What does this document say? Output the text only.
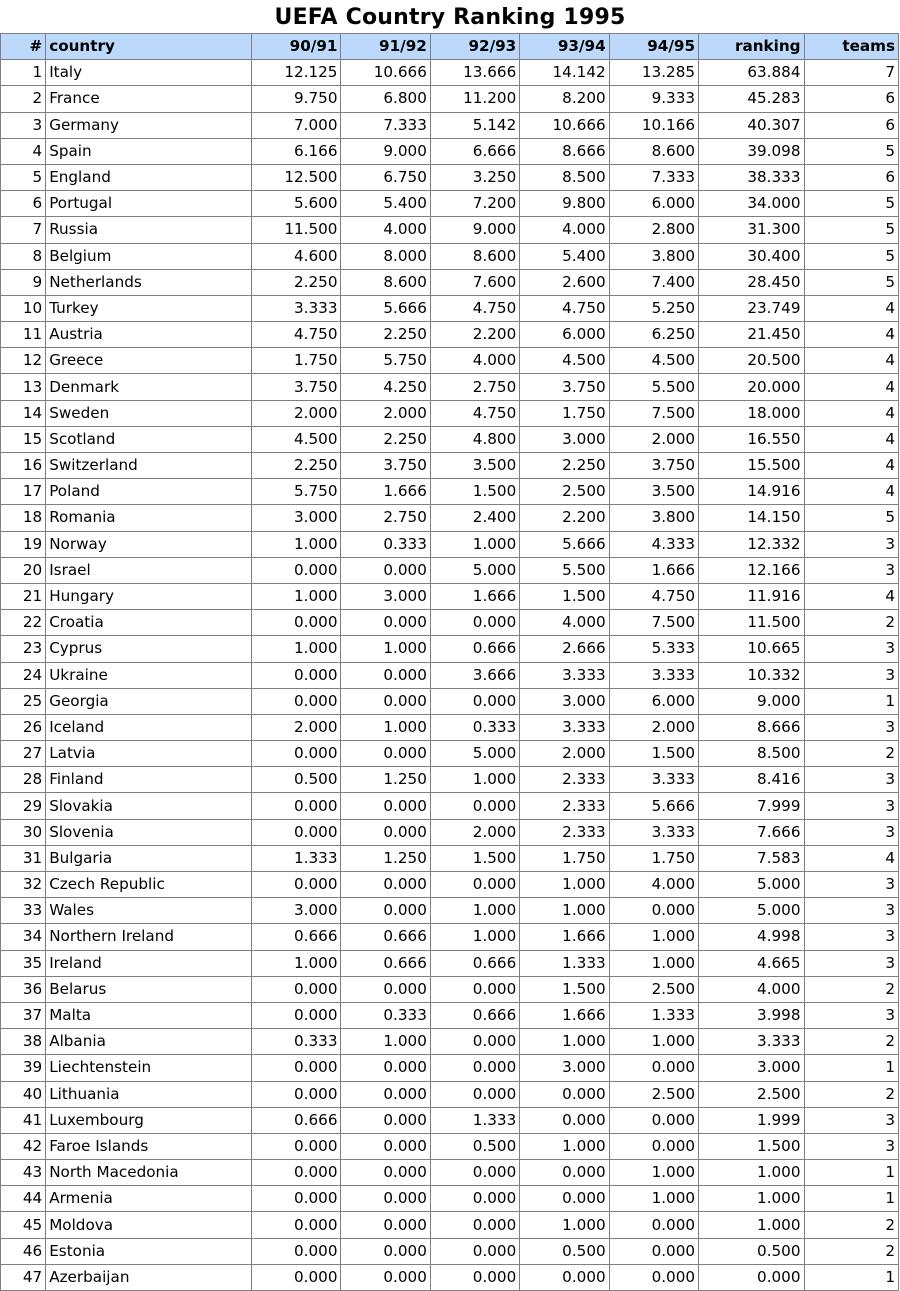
UEFA Country Ranking 1995
#	country	90/91	91/92	92/93	93/94	94/95	ranking	teams
1	Italy	12.125	10.666	13.666	14.142	13.285	63.884	7
2	France	9.750	6.800	11.200	8.200	9.333	45.283	6
3	Germany	7.000	7.333	5.142	10.666	10.166	40.307	6
4	Spain	6.166	9.000	6.666	8.666	8.600	39.098	5
5	England	12.500	6.750	3.250	8.500	7.333	38.333	6
6	Portugal	5.600	5.400	7.200	9.800	6.000	34.000	5
7	Russia	11.500	4.000	9.000	4.000	2.800	31.300	5
8	Belgium	4.600	8.000	8.600	5.400	3.800	30.400	5
9	Netherlands	2.250	8.600	7.600	2.600	7.400	28.450	5
10	Turkey	3.333	5.666	4.750	4.750	5.250	23.749	4
11	Austria	4.750	2.250	2.200	6.000	6.250	21.450	4
12	Greece	1.750	5.750	4.000	4.500	4.500	20.500	4
13	Denmark	3.750	4.250	2.750	3.750	5.500	20.000	4
14	Sweden	2.000	2.000	4.750	1.750	7.500	18.000	4
15	Scotland	4.500	2.250	4.800	3.000	2.000	16.550	4
16	Switzerland	2.250	3.750	3.500	2.250	3.750	15.500	4
17	Poland	5.750	1.666	1.500	2.500	3.500	14.916	4
18	Romania	3.000	2.750	2.400	2.200	3.800	14.150	5
19	Norway	1.000	0.333	1.000	5.666	4.333	12.332	3
20	Israel	0.000	0.000	5.000	5.500	1.666	12.166	3
21	Hungary	1.000	3.000	1.666	1.500	4.750	11.916	4
22	Croatia	0.000	0.000	0.000	4.000	7.500	11.500	2
23	Cyprus	1.000	1.000	0.666	2.666	5.333	10.665	3
24	Ukraine	0.000	0.000	3.666	3.333	3.333	10.332	3
25	Georgia	0.000	0.000	0.000	3.000	6.000	9.000	1
26	Iceland	2.000	1.000	0.333	3.333	2.000	8.666	3
27	Latvia	0.000	0.000	5.000	2.000	1.500	8.500	2
28	Finland	0.500	1.250	1.000	2.333	3.333	8.416	3
29	Slovakia	0.000	0.000	0.000	2.333	5.666	7.999	3
30	Slovenia	0.000	0.000	2.000	2.333	3.333	7.666	3
31	Bulgaria	1.333	1.250	1.500	1.750	1.750	7.583	4
32	Czech Republic	0.000	0.000	0.000	1.000	4.000	5.000	3
33	Wales	3.000	0.000	1.000	1.000	0.000	5.000	3
34	Northern Ireland	0.666	0.666	1.000	1.666	1.000	4.998	3
35	Ireland	1.000	0.666	0.666	1.333	1.000	4.665	3
36	Belarus	0.000	0.000	0.000	1.500	2.500	4.000	2
37	Malta	0.000	0.333	0.666	1.666	1.333	3.998	3
38	Albania	0.333	1.000	0.000	1.000	1.000	3.333	2
39	Liechtenstein	0.000	0.000	0.000	3.000	0.000	3.000	1
40	Lithuania	0.000	0.000	0.000	0.000	2.500	2.500	2
41	Luxembourg	0.666	0.000	1.333	0.000	0.000	1.999	3
42	Faroe Islands	0.000	0.000	0.500	1.000	0.000	1.500	3
43	North Macedonia	0.000	0.000	0.000	0.000	1.000	1.000	1
44	Armenia	0.000	0.000	0.000	0.000	1.000	1.000	1
45	Moldova	0.000	0.000	0.000	1.000	0.000	1.000	2
46	Estonia	0.000	0.000	0.000	0.500	0.000	0.500	2
47	Azerbaijan	0.000	0.000	0.000	0.000	0.000	0.000	1
